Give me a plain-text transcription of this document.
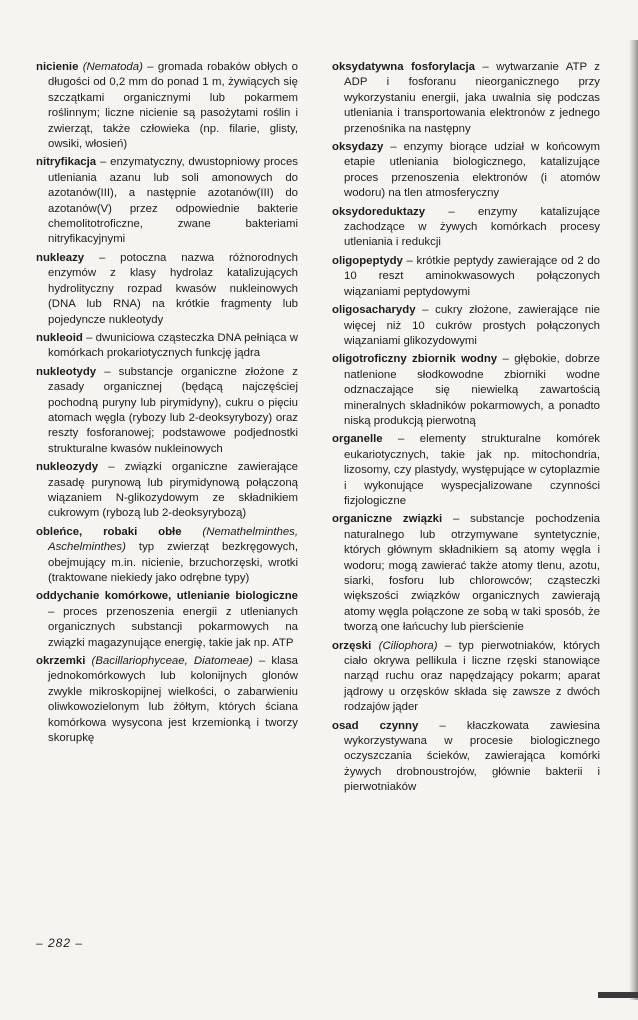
nicienie (Nematoda) – gromada robaków obłych o długości od 0,2 mm do ponad 1 m, żywiących się szczątkami organicznymi lub pokarmem roślinnym; liczne nicienie są pasożytami roślin i zwierząt, także człowieka (np. filarie, glisty, owsiki, włosień)

nitryfikacja – enzymatyczny, dwustopniowy proces utleniania azanu lub soli amonowych do azotanów(III), a następnie azotanów(III) do azotanów(V) przez odpowiednie bakterie chemolitotroficzne, zwane bakteriami nitryfikacyjnymi

nukleazy – potoczna nazwa różnorodnych enzymów z klasy hydrolaz katalizujących hydrolityczny rozpad kwasów nukleinowych (DNA lub RNA) na krótkie fragmenty lub pojedyncze nukleotydy

nukleoid – dwuniciowa cząsteczka DNA pełniąca w komórkach prokariotycznych funkcję jądra

nukleotydy – substancje organiczne złożone z zasady organicznej (będącą najczęściej pochodną puryny lub pirymidyny), cukru o pięciu atomach węgla (rybozy lub 2-deoksyrybozy) oraz reszty fosforanowej; podstawowe podjednostki strukturalne kwasów nukleinowych

nukleozydy – związki organiczne zawierające zasadę purynową lub pirymidynową połączoną wiązaniem N-glikozydowym ze składnikiem cukrowym (rybozą lub 2-deoksyrybozą)

obleńce, robaki obłe (Nemathelminthes, Aschelminthes) typ zwierząt bezkręgowych, obejmujący m.in. nicienie, brzuchorzęski, wrotki (traktowane niekiedy jako odrębne typy)

oddychanie komórkowe, utlenianie biologiczne – proces przenoszenia energii z utlenianych organicznych substancji pokarmowych na związki magazynujące energię, takie jak np. ATP

okrzemki (Bacillariophyceae, Diatomeae) – klasa jednokomórkowych lub kolonijnych glonów zwykle mikroskopijnej wielkości, o zabarwieniu oliwkowozielonym lub żółtym, których ściana komórkowa wysycona jest krzemionką i tworzy skorupkę

oksydatywna fosforylacja – wytwarzanie ATP z ADP i fosforanu nieorganicznego przy wykorzystaniu energii, jaka uwalnia się podczas utleniania i transportowania elektronów z jednego przenośnika na następny

oksydazy – enzymy biorące udział w końcowym etapie utleniania biologicznego, katalizujące proces przenoszenia elektronów (i atomów wodoru) na tlen atmosferyczny

oksydoreduktazy – enzymy katalizujące zachodzące w żywych komórkach procesy utleniania i redukcji

oligopeptydy – krótkie peptydy zawierające od 2 do 10 reszt aminokwasowych połączonych wiązaniami peptydowymi

oligosacharydy – cukry złożone, zawierające nie więcej niż 10 cukrów prostych połączonych wiązaniami glikozydowymi

oligotroficzny zbiornik wodny – głębokie, dobrze natlenione słodkowodne zbiorniki wodne odznaczające się niewielką zawartością mineralnych składników pokarmowych, a ponadto niską produkcją pierwotną

organelle – elementy strukturalne komórek eukariotycznych, takie jak np. mitochondria, lizosomy, czy plastydy, występujące w cytoplazmie i wykonujące wyspecjalizowane czynności fizjologiczne

organiczne związki – substancje pochodzenia naturalnego lub otrzymywane syntetycznie, których głównym składnikiem są atomy węgla i wodoru; mogą zawierać także atomy tlenu, azotu, siarki, fosforu lub chlorowców; cząsteczki większości związków organicznych zawierają atomy węgla połączone ze sobą w taki sposób, że tworzą one łańcuchy lub pierścienie

orzęski (Ciliophora) – typ pierwotniaków, których ciało okrywa pellikula i liczne rzęski stanowiące narząd ruchu oraz napędzający pokarm; aparat jądrowy u orzęsków składa się zawsze z dwóch rodzajów jąder

osad czynny – kłaczkowata zawiesina wykorzystywana w procesie biologicznego oczyszczania ścieków, zawierająca komórki żywych drobnoustrojów, głównie bakterii i pierwotniaków

– 282 –
